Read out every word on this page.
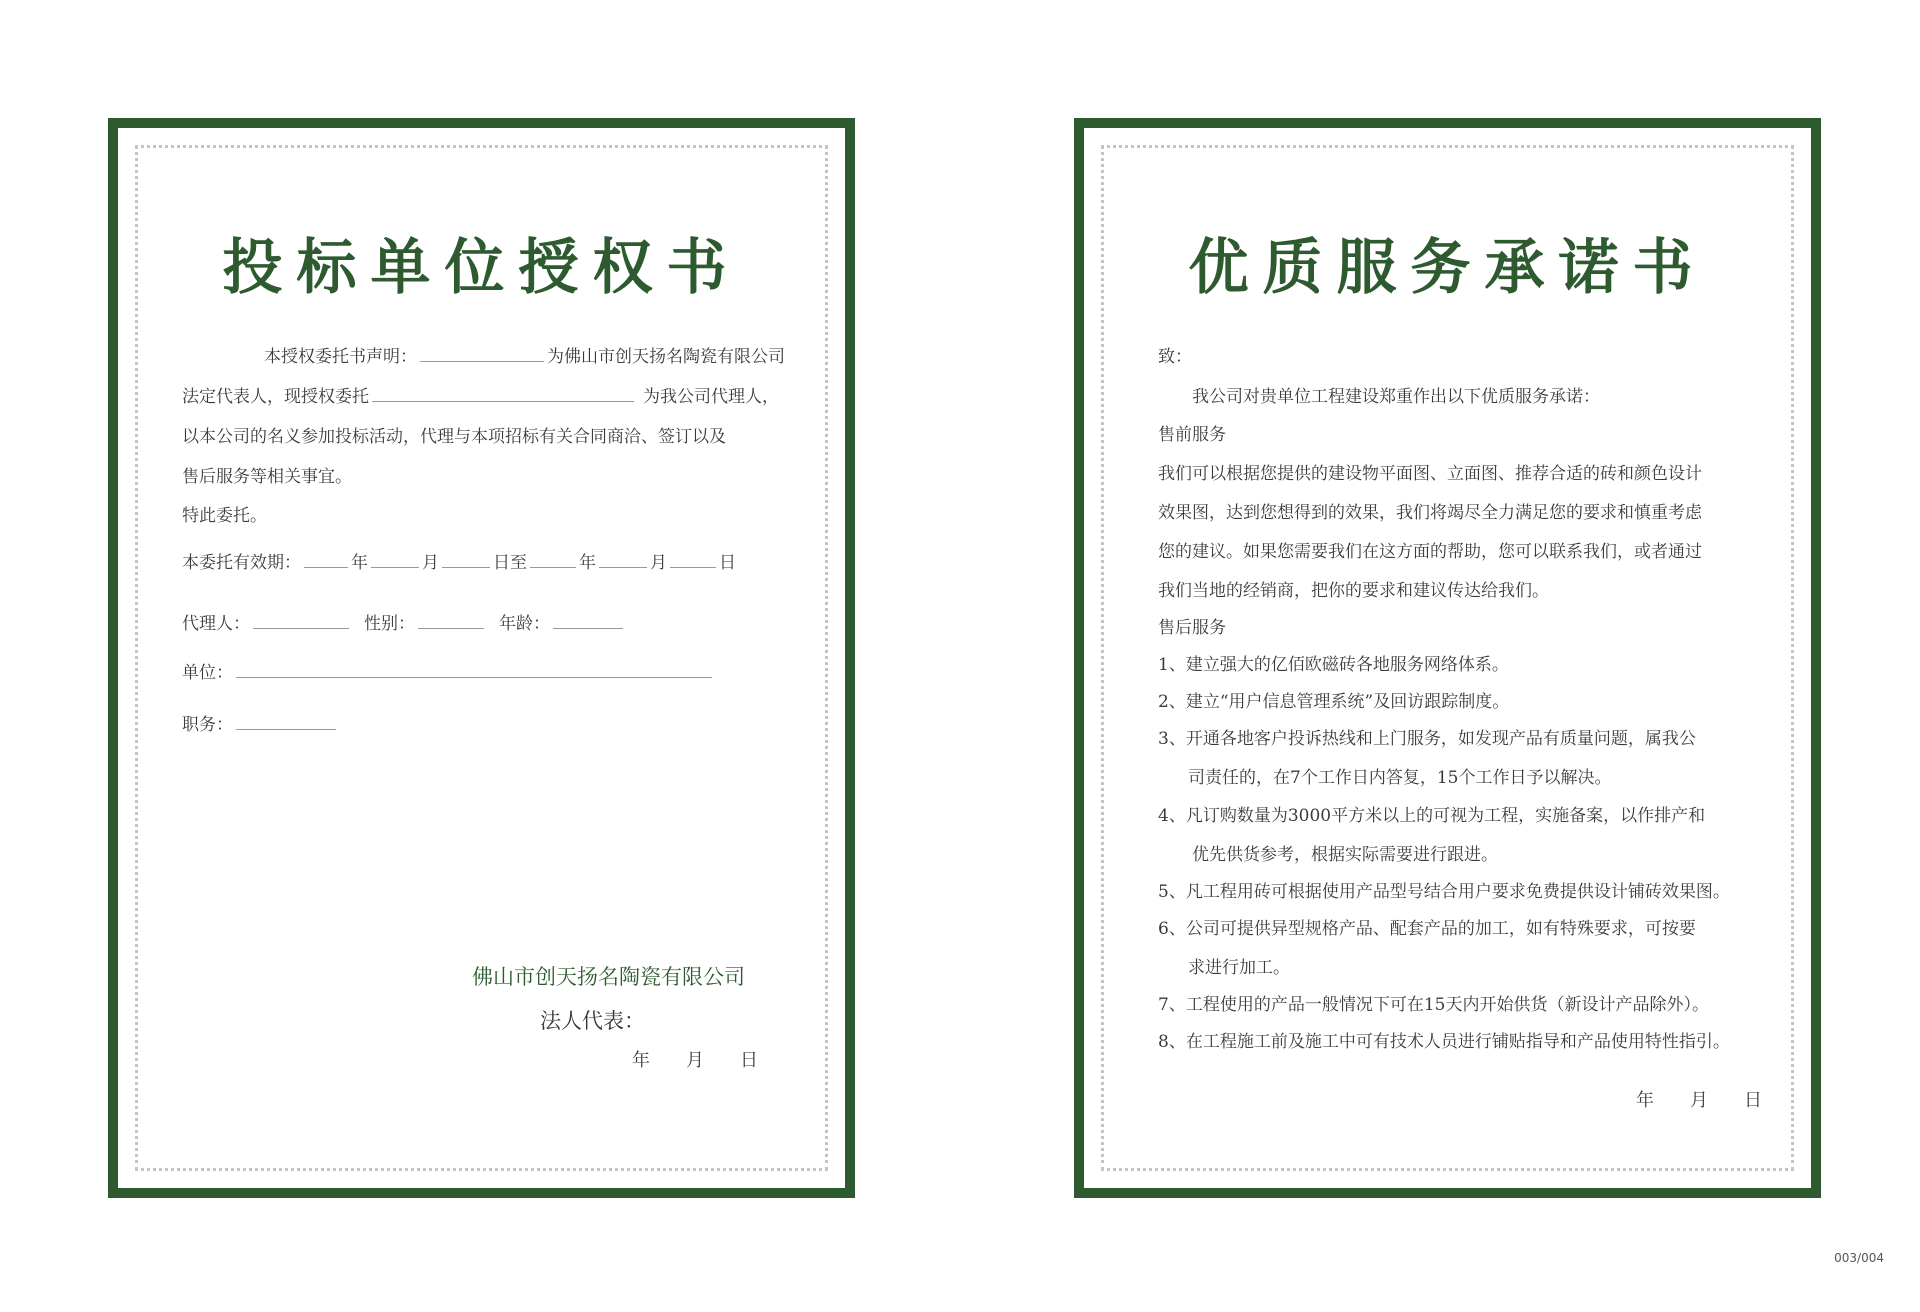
投标单位授权书
本授权委托书声明：	为佛山市创天扬名陶瓷有限公司
法定代表人，现授权委托	为我公司代理人，
以本公司的名义参加投标活动，代理与本项招标有关合同商洽、签订以及
售后服务等相关事宜。
特此委托。
本委托有效期：	年	月	日至	年	月	日
代理人：	性别：	年龄：
单位：
职务：
佛山市创天扬名陶瓷有限公司
法人代表：
年　　月　　日
优质服务承诺书
致：
我公司对贵单位工程建设郑重作出以下优质服务承诺：
售前服务
我们可以根据您提供的建设物平面图、立面图、推荐合适的砖和颜色设计
效果图，达到您想得到的效果，我们将竭尽全力满足您的要求和慎重考虑
您的建议。如果您需要我们在这方面的帮助，您可以联系我们，或者通过
我们当地的经销商，把你的要求和建议传达给我们。
售后服务
1、建立强大的亿佰欧磁砖各地服务网络体系。
2、建立“用户信息管理系统”及回访跟踪制度。
3、开通各地客户投诉热线和上门服务，如发现产品有质量问题，属我公
司责任的，在7个工作日内答复，15个工作日予以解决。
4、凡订购数量为3000平方米以上的可视为工程，实施备案，以作排产和
优先供货参考，根据实际需要进行跟进。
5、凡工程用砖可根据使用产品型号结合用户要求免费提供设计铺砖效果图。
6、公司可提供异型规格产品、配套产品的加工，如有特殊要求，可按要
求进行加工。
7、工程使用的产品一般情况下可在15天内开始供货（新设计产品除外）。
8、在工程施工前及施工中可有技术人员进行铺贴指导和产品使用特性指引。
年　　月　　日
003/004
